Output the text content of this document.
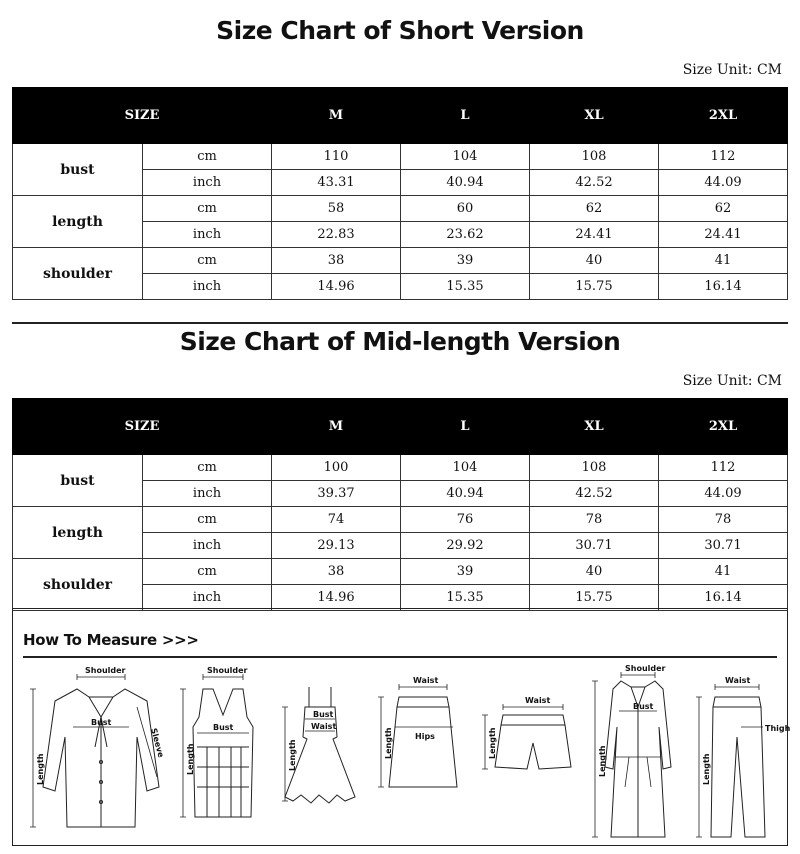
Size Chart of Short Version
Size Unit: CM
SIZE		M	L	XL	2XL
bust	cm	110	104	108	112
	inch	43.31	40.94	42.52	44.09
length	cm	58	60	62	62
	inch	22.83	23.62	24.41	24.41
shoulder	cm	38	39	40	41
	inch	14.96	15.35	15.75	16.14
Size Chart of Mid-length Version
Size Unit: CM
SIZE		M	L	XL	2XL
bust	cm	100	104	108	112
	inch	39.37	40.94	42.52	44.09
length	cm	74	76	78	78
	inch	29.13	29.92	30.71	30.71
shoulder	cm	38	39	40	41
	inch	14.96	15.35	15.75	16.14
How To Measure >>>
Shoulder
Bust
Length
Sleeve
Shoulder
Bust
Length
Bust
Waist
Length
Waist
Hips
Length
Waist
Length
Shoulder
Bust
Length
Waist
Thigh
Length
